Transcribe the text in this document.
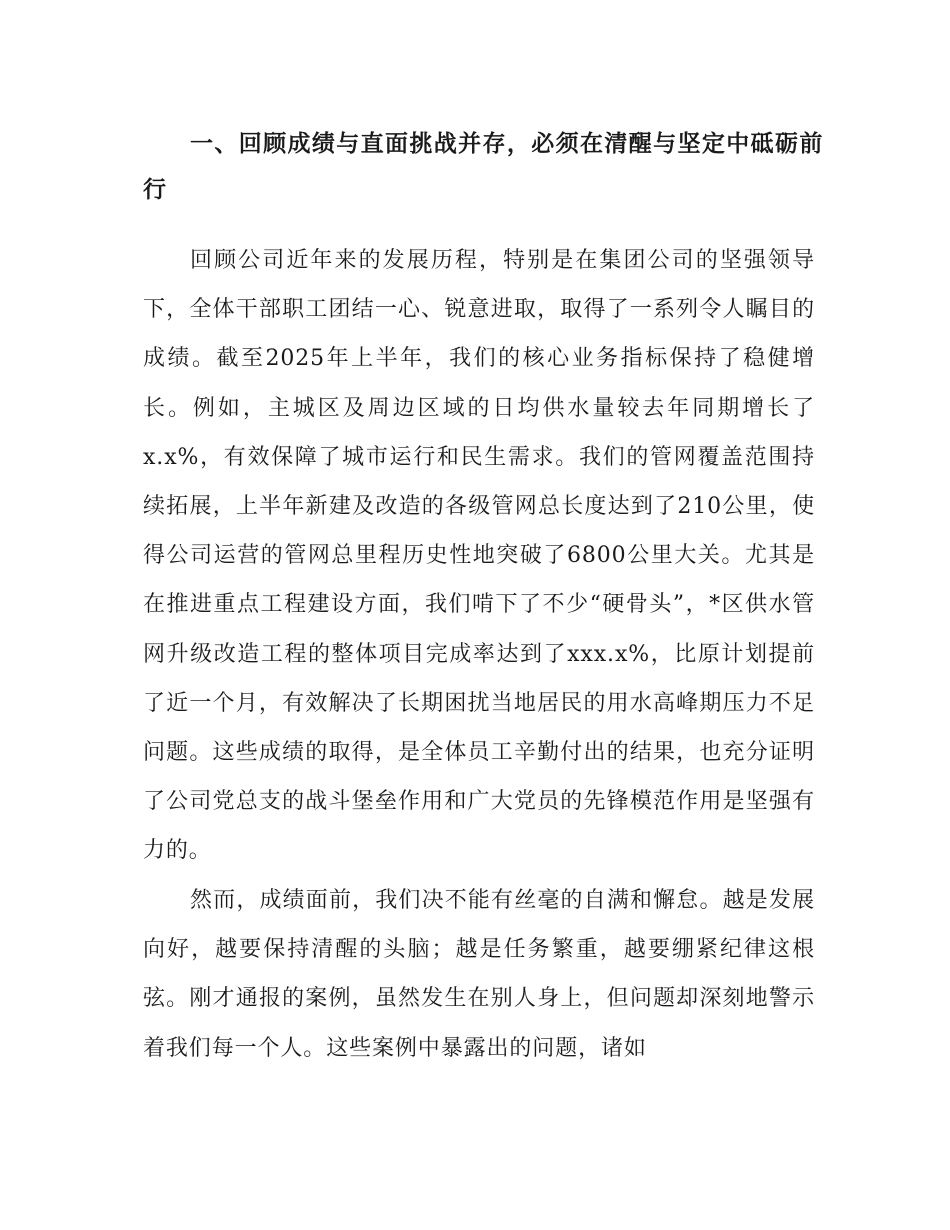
一、回顾成绩与直面挑战并存，必须在清醒与坚定中砥砺前行

回顾公司近年来的发展历程，特别是在集团公司的坚强领导下，全体干部职工团结一心、锐意进取，取得了一系列令人瞩目的成绩。截至2025年上半年，我们的核心业务指标保持了稳健增长。例如，主城区及周边区域的日均供水量较去年同期增长了x.x%，有效保障了城市运行和民生需求。我们的管网覆盖范围持续拓展，上半年新建及改造的各级管网总长度达到了210公里，使得公司运营的管网总里程历史性地突破了6800公里大关。尤其是在推进重点工程建设方面，我们啃下了不少“硬骨头”，*区供水管网升级改造工程的整体项目完成率达到了xxx.x%，比原计划提前了近一个月，有效解决了长期困扰当地居民的用水高峰期压力不足问题。这些成绩的取得，是全体员工辛勤付出的结果，也充分证明了公司党总支的战斗堡垒作用和广大党员的先锋模范作用是坚强有力的。

然而，成绩面前，我们决不能有丝毫的自满和懈怠。越是发展向好，越要保持清醒的头脑；越是任务繁重，越要绷紧纪律这根弦。刚才通报的案例，虽然发生在别人身上，但问题却深刻地警示着我们每一个人。这些案例中暴露出的问题，诸如
